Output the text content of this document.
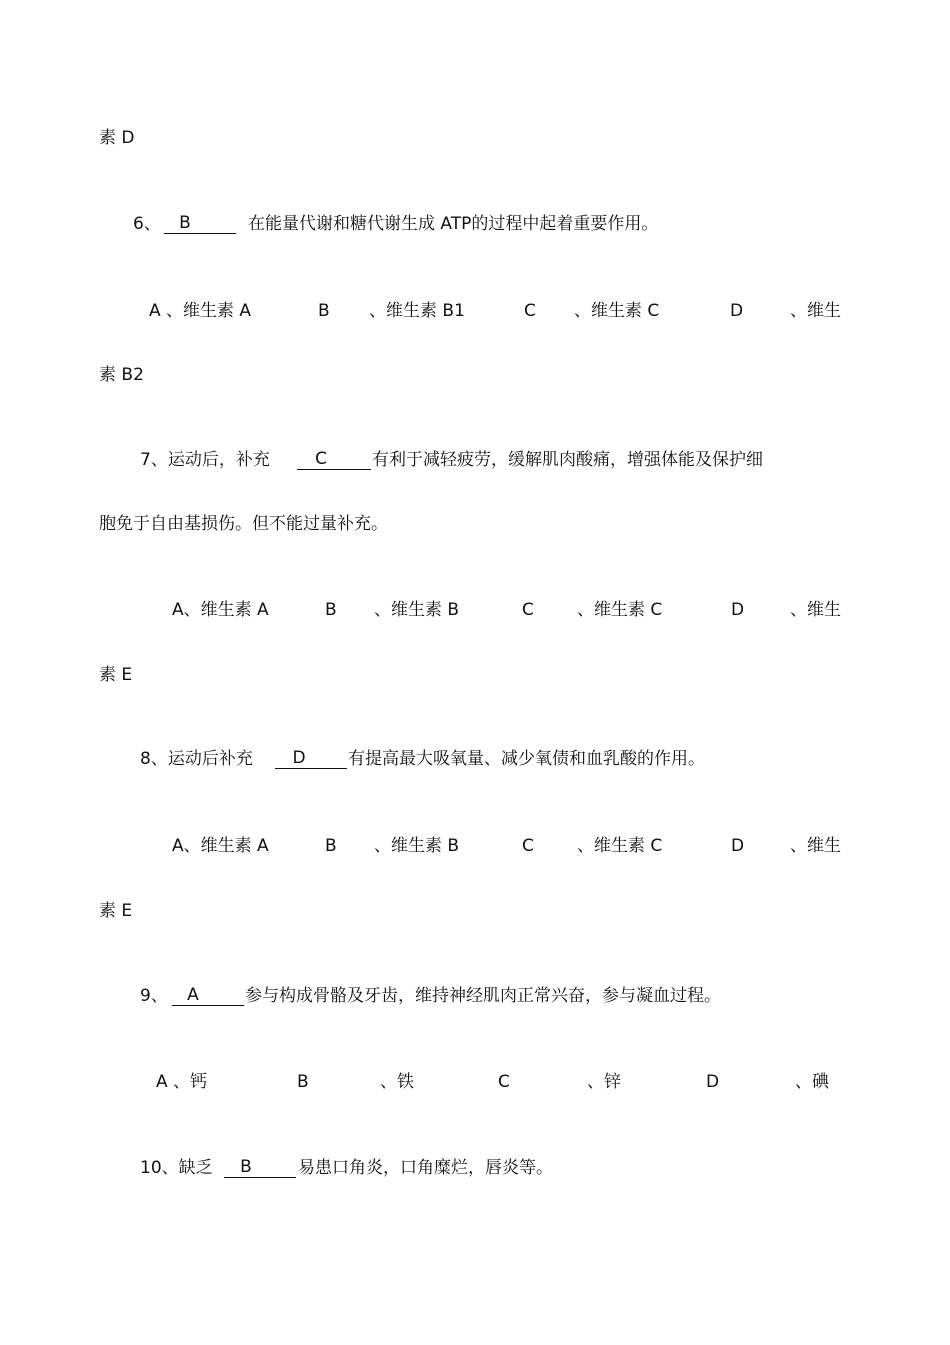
素 D
6、	B	在能量代谢和糖代谢生成 ATP的过程中起着重要作用。
A 、维生素 A	B 、维生素 B1	C 、维生素 C	D	、维生
素 B2
7、运动后，补充	C	有利于减轻疲劳，缓解肌肉酸痛，增强体能及保护细
胞免于自由基损伤。但不能过量补充。
A、维生素 A	B 、维生素 B	C	、维生素 C	D	、维生
素 E
8、运动后补充	D	有提高最大吸氧量、减少氧债和血乳酸的作用。
A、维生素 A	B 、维生素 B	C	、维生素 C	D	、维生
素 E
9、	A	参与构成骨骼及牙齿，维持神经肌肉正常兴奋，参与凝血过程。
A 、钙	B	、铁	C	、锌	D	、碘
10、缺乏	B	易患口角炎，口角糜烂，唇炎等。
